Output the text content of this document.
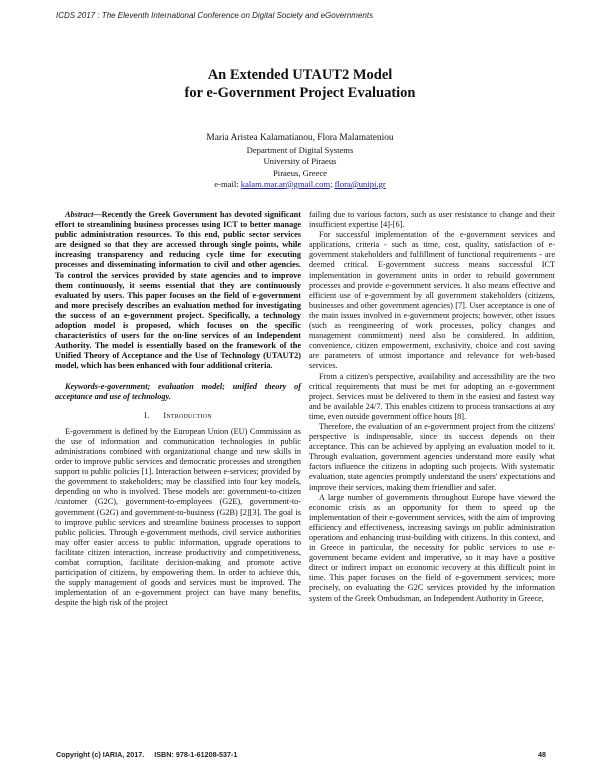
ICDS 2017 : The Eleventh International Conference on Digital Society and eGovernments
An Extended UTAUT2 Model
for e-Government Project Evaluation
Maria Aristea Kalamatianou, Flora Malamateniou
Department of Digital Systems
University of Piraeus
Piraeus, Greece
e-mail: kalam.mar.ar@gmail.com; flora@unipi.gr

Abstract—Recently the Greek Government has devoted significant effort to streamlining business processes using ICT to better manage public administration resources. To this end, public sector services are designed so that they are accessed through single points, while increasing transparency and reducing cycle time for executing processes and disseminating information to civil and other agencies. To control the services provided by state agencies and to improve them continuously, it seems essential that they are continuously evaluated by users. This paper focuses on the field of e-government and more precisely describes an evaluation method for investigating the success of an e-government project. Specifically, a technology adoption model is proposed, which focuses on the specific characteristics of users for the on-line services of an Independent Authority. The model is essentially based on the framework of the Unified Theory of Acceptance and the Use of Technology (UTAUT2) model, which has been enhanced with four additional criteria.

Keywords-e-government; evaluation model; unified theory of acceptance and use of technology.

I. Introduction

E-government is defined by the European Union (EU) Commission as the use of information and communication technologies in public administrations combined with organizational change and new skills in order to improve public services and democratic processes and strengthen support to public policies [1]. Interaction between e-services; provided by the government to stakeholders; may be classified into four key models, depending on who is involved. These models are: government-to-citizen /customer (G2C), government-to-employees (G2E), government-to-government (G2G) and government-to-business (G2B) [2][3]. The goal is to improve public services and streamline business processes to support public policies. Through e-government methods, civil service authorities may offer easier access to public information, upgrade operations to facilitate citizen interaction, increase productivity and competitiveness, combat corruption, facilitate decision-making and promote active participation of citizens, by empowering them. In order to achieve this, the supply management of goods and services must be improved. The implementation of an e-government project can have many benefits, despite the high risk of the project

failing due to various factors, such as user resistance to change and their insufficient expertise [4]-[6].

For successful implementation of the e-government services and applications, criteria - such as time, cost, quality, satisfaction of e-government stakeholders and fulfillment of functional requirements - are deemed critical. E-government success means successful ICT implementation in government units in order to rebuild government processes and provide e-government services. It also means effective and efficient use of e-government by all government stakeholders (citizens, businesses and other government agencies) [7]. User acceptance is one of the main issues involved in e-government projects; however, other issues (such as reengineering of work processes, policy changes and management commitment) need also be considered. In addition, convenience, citizen empowerment, exclusivity, choice and cost saving are parameters of utmost importance and relevance for web-based services.

From a citizen's perspective, availability and accessibility are the two critical requirements that must be met for adopting an e-government project. Services must be delivered to them in the easiest and fastest way and be available 24/7. This enables citizens to process transactions at any time, even outside government office hours [8].

Therefore, the evaluation of an e-government project from the citizens' perspective is indispensable, since its success depends on their acceptance. This can be achieved by applying an evaluation model to it. Through evaluation, government agencies understand more easily what factors influence the citizens in adopting such projects. With systematic evaluation, state agencies promptly understand the users' expectations and improve their services, making them friendlier and safer.

A large number of governments throughout Europe have viewed the economic crisis as an opportunity for them to speed up the implementation of their e-government services, with the aim of improving efficiency and effectiveness, increasing savings on public administration operations and enhancing trust-building with citizens. In this context, and in Greece in particular, the necessity for public services to use e-government became evident and imperative, so it may have a positive direct or indirect impact on economic recovery at this difficult point in time. This paper focuses on the field of e-government services; more precisely, on evaluating the G2C services provided by the information system of the Greek Ombudsman, an Independent Authority in Greece,

Copyright (c) IARIA, 2017. ISBN: 978-1-61208-537-1	48
